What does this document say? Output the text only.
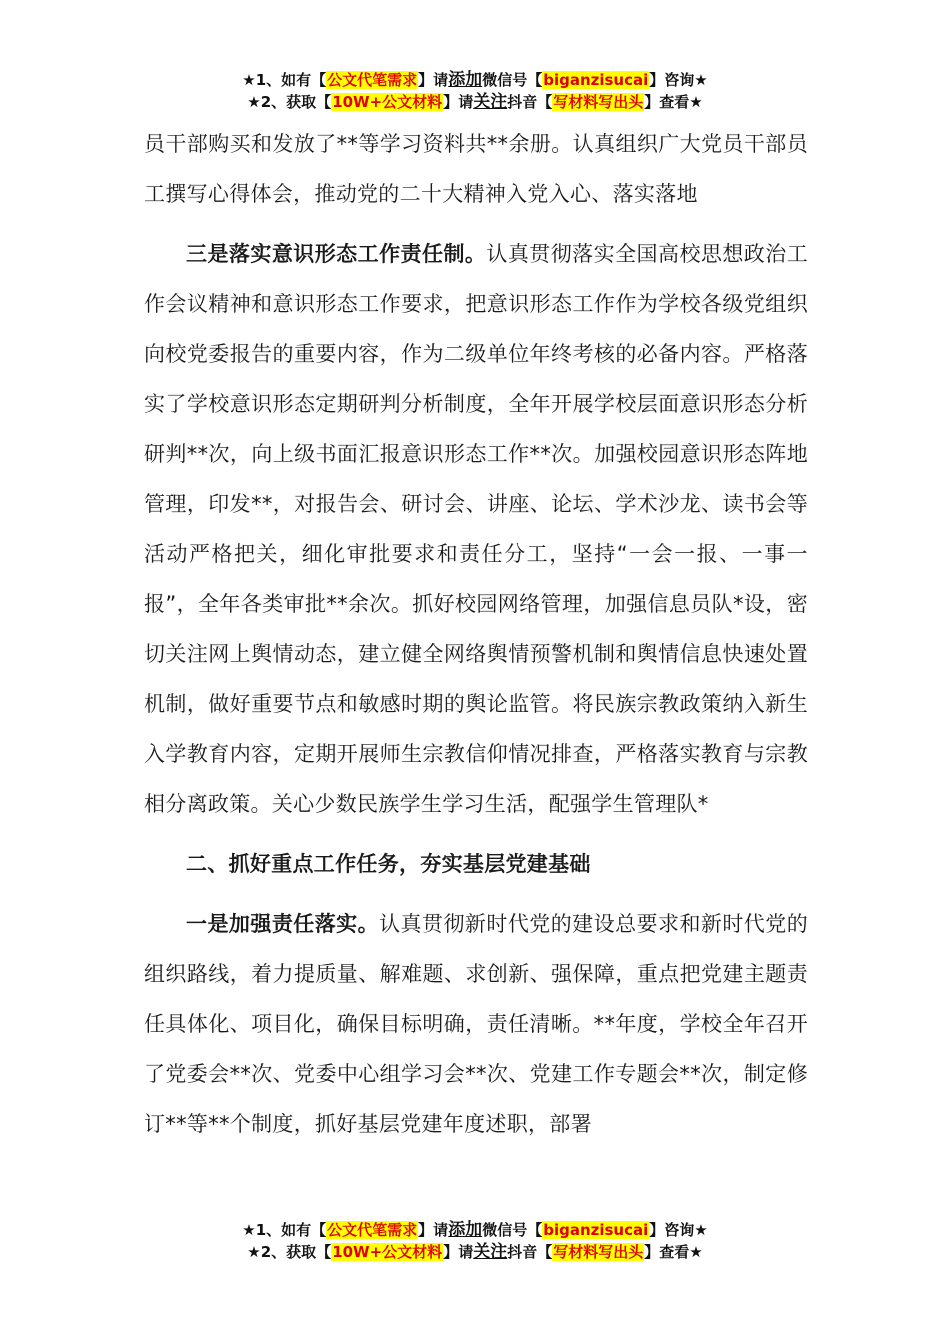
★1、如有【公文代笔需求】请添加微信号【biganzisucai】咨询★
★2、获取【10W+公文材料】请关注抖音【写材料写出头】查看★

员干部购买和发放了**等学习资料共**余册。认真组织广大党员干部员工撰写心得体会，推动党的二十大精神入党入心、落实落地

三是落实意识形态工作责任制。认真贯彻落实全国高校思想政治工作会议精神和意识形态工作要求，把意识形态工作作为学校各级党组织向校党委报告的重要内容，作为二级单位年终考核的必备内容。严格落实了学校意识形态定期研判分析制度，全年开展学校层面意识形态分析研判**次，向上级书面汇报意识形态工作**次。加强校园意识形态阵地管理，印发**，对报告会、研讨会、讲座、论坛、学术沙龙、读书会等活动严格把关，细化审批要求和责任分工，坚持“一会一报、一事一报”，全年各类审批**余次。抓好校园网络管理，加强信息员队*设，密切关注网上舆情动态，建立健全网络舆情预警机制和舆情信息快速处置机制，做好重要节点和敏感时期的舆论监管。将民族宗教政策纳入新生入学教育内容，定期开展师生宗教信仰情况排查，严格落实教育与宗教相分离政策。关心少数民族学生学习生活，配强学生管理队*

二、抓好重点工作任务，夯实基层党建基础

一是加强责任落实。认真贯彻新时代党的建设总要求和新时代党的组织路线，着力提质量、解难题、求创新、强保障，重点把党建主题责任具体化、项目化，确保目标明确，责任清晰。**年度，学校全年召开了党委会**次、党委中心组学习会**次、党建工作专题会**次，制定修订**等**个制度，抓好基层党建年度述职，部署

★1、如有【公文代笔需求】请添加微信号【biganzisucai】咨询★
★2、获取【10W+公文材料】请关注抖音【写材料写出头】查看★
